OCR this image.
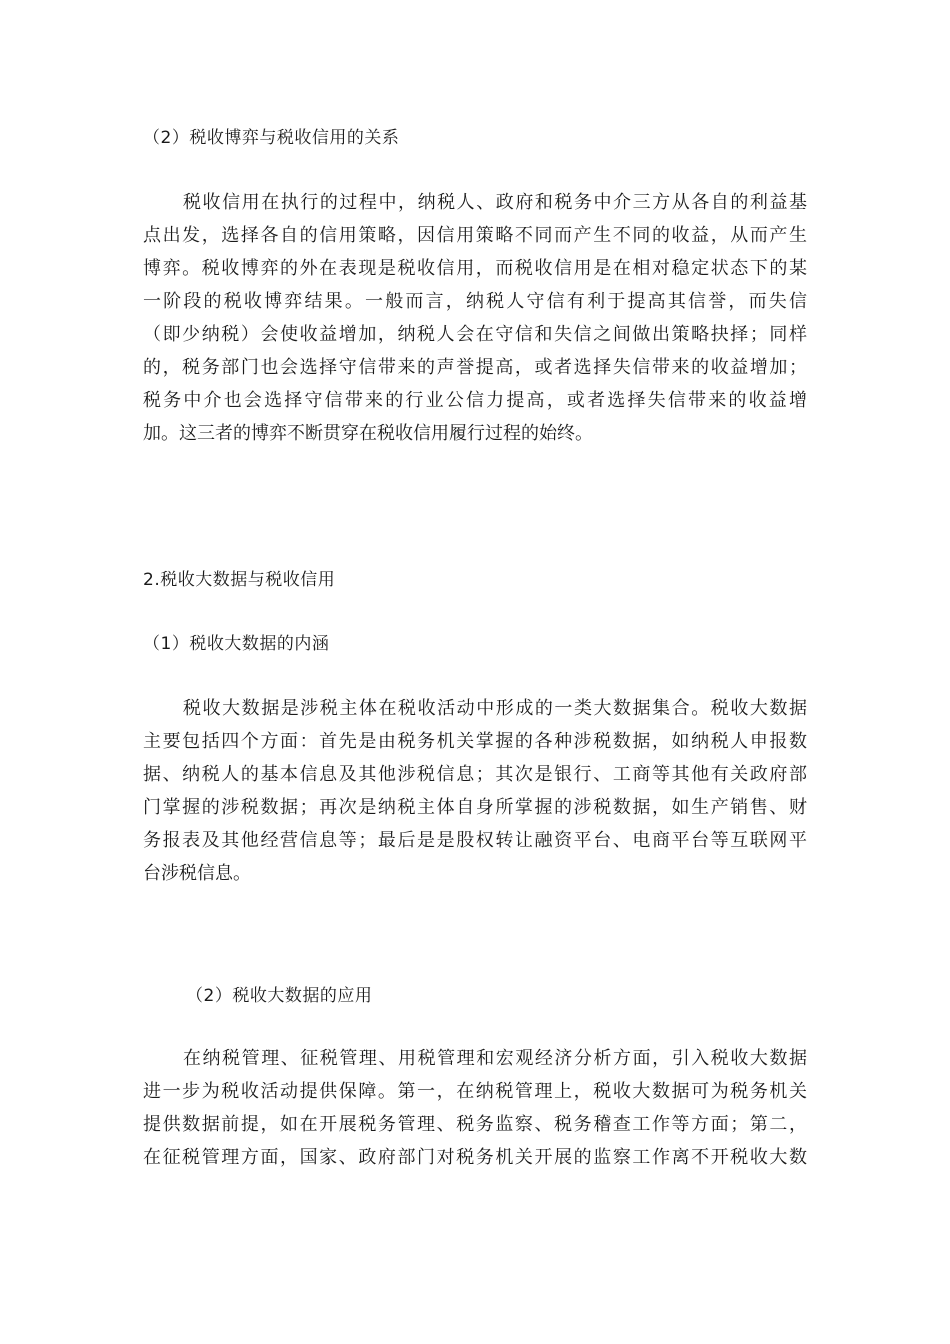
（2）税收博弈与税收信用的关系
税收信用在执行的过程中，纳税人、政府和税务中介三方从各自的利益基
点出发，选择各自的信用策略，因信用策略不同而产生不同的收益，从而产生
博弈。税收博弈的外在表现是税收信用，而税收信用是在相对稳定状态下的某
一阶段的税收博弈结果。一般而言，纳税人守信有利于提高其信誉，而失信
（即少纳税）会使收益增加，纳税人会在守信和失信之间做出策略抉择；同样
的，税务部门也会选择守信带来的声誉提高，或者选择失信带来的收益增加；
税务中介也会选择守信带来的行业公信力提高，或者选择失信带来的收益增
加。这三者的博弈不断贯穿在税收信用履行过程的始终。
2.税收大数据与税收信用
（1）税收大数据的内涵
税收大数据是涉税主体在税收活动中形成的一类大数据集合。税收大数据
主要包括四个方面：首先是由税务机关掌握的各种涉税数据，如纳税人申报数
据、纳税人的基本信息及其他涉税信息；其次是银行、工商等其他有关政府部
门掌握的涉税数据；再次是纳税主体自身所掌握的涉税数据，如生产销售、财
务报表及其他经营信息等；最后是是股权转让融资平台、电商平台等互联网平
台涉税信息。
（2）税收大数据的应用
在纳税管理、征税管理、用税管理和宏观经济分析方面，引入税收大数据
进一步为税收活动提供保障。第一，在纳税管理上，税收大数据可为税务机关
提供数据前提，如在开展税务管理、税务监察、税务稽查工作等方面；第二，
在征税管理方面，国家、政府部门对税务机关开展的监察工作离不开税收大数
